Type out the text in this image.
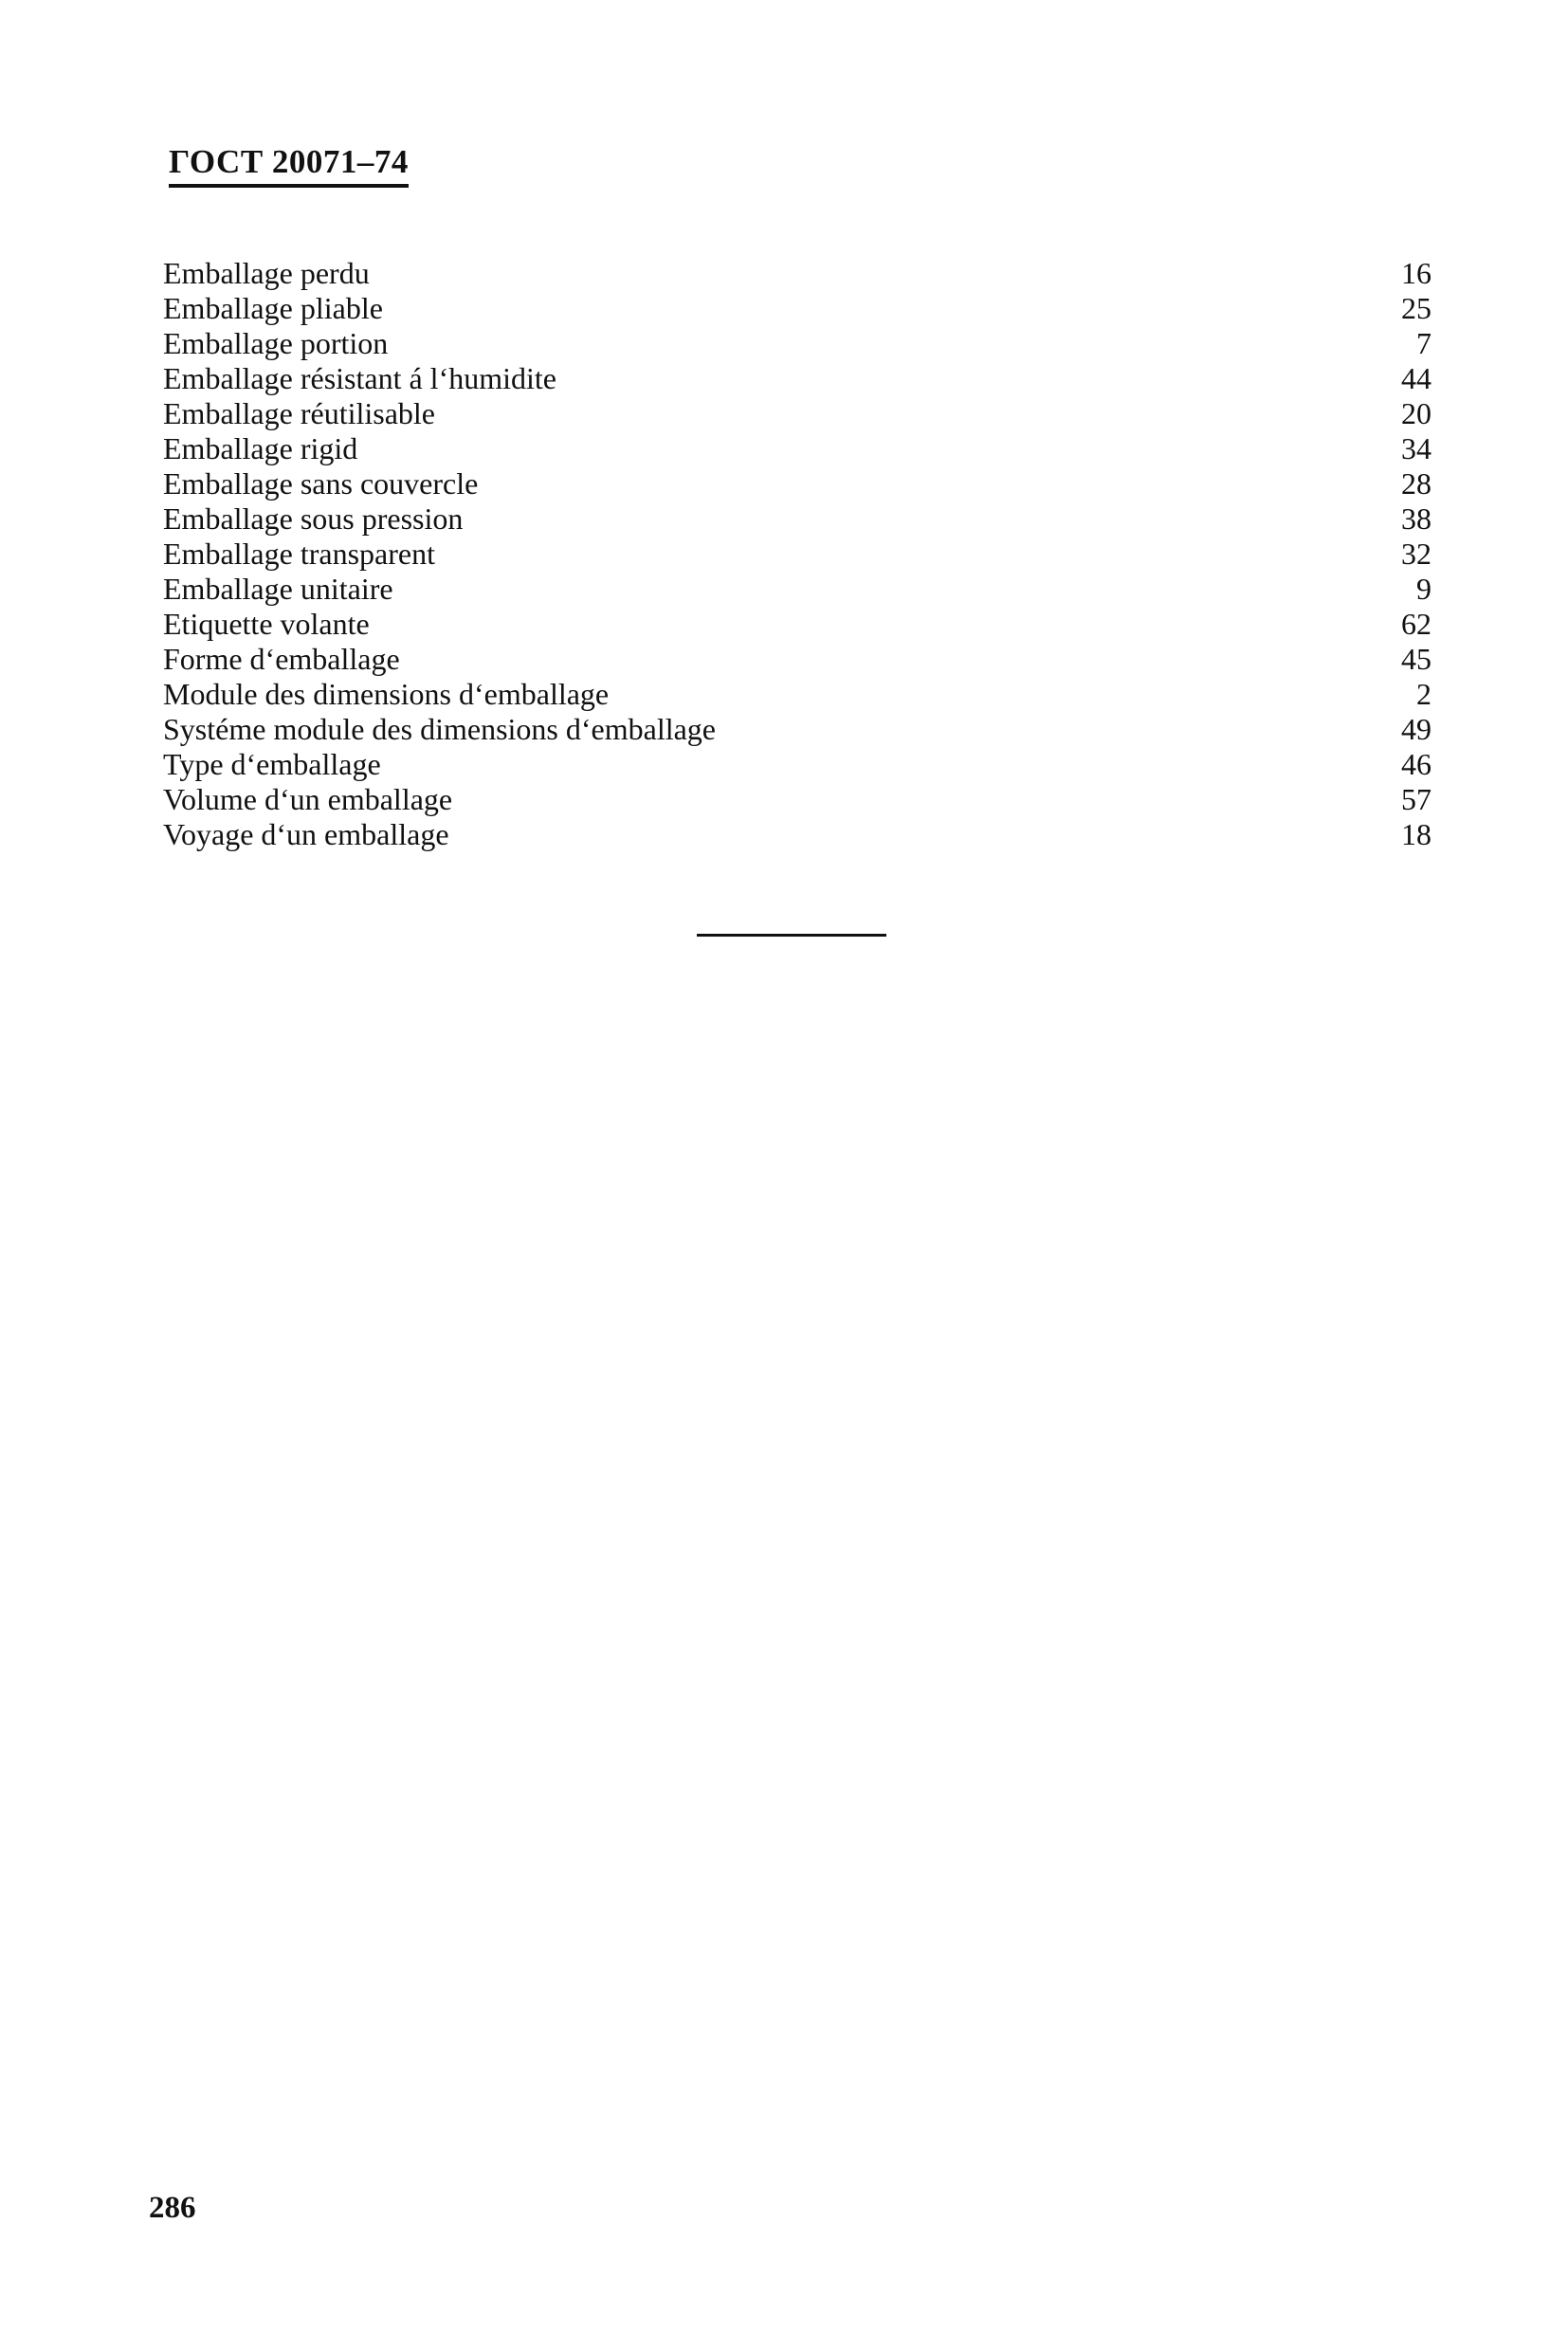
ГОСТ 20071–74
Emballage perdu	16
Emballage pliable	25
Emballage portion	7
Emballage résistant á l‘humidite	44
Emballage réutilisable	20
Emballage rigid	34
Emballage sans couvercle	28
Emballage sous pression	38
Emballage transparent	32
Emballage unitaire	9
Etiquette volante	62
Forme d‘emballage	45
Module des dimensions d‘emballage	2
Systéme module des dimensions d‘emballage	49
Type d‘emballage	46
Volume d‘un emballage	57
Voyage d‘un emballage	18
286
